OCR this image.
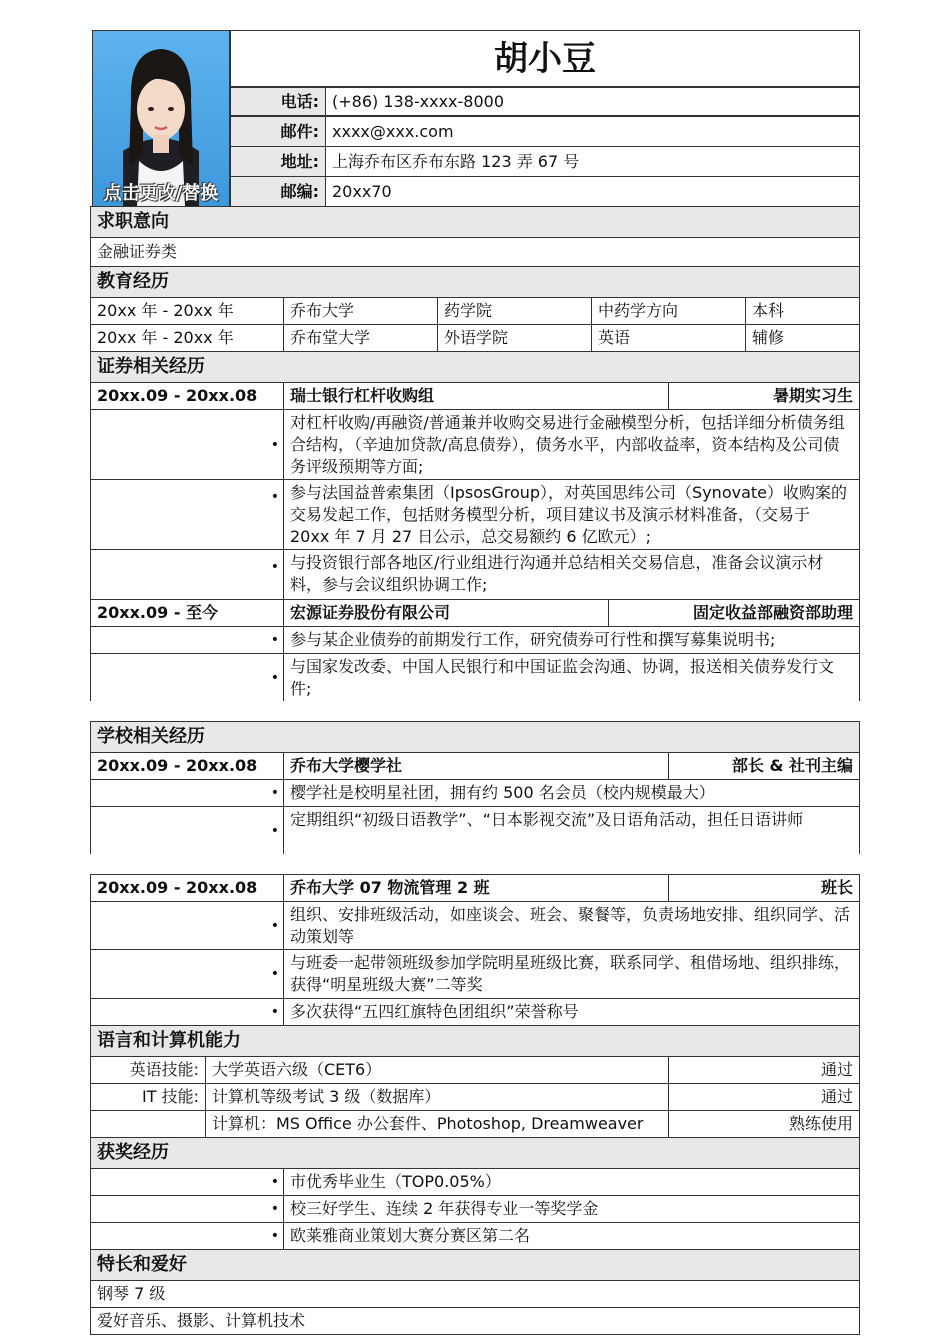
点击更改/替换
胡小豆
电话: (+86) 138-xxxx-8000
邮件: xxxx@xxx.com
地址: 上海乔布区乔布东路 123 弄 67 号
邮编: 20xx70
求职意向
金融证券类
教育经历
20xx 年 - 20xx 年	乔布大学	药学院	中药学方向	本科
20xx 年 - 20xx 年	乔布堂大学	外语学院	英语	辅修
证券相关经历
20xx.09 - 20xx.08	瑞士银行杠杆收购组	暑期实习生
•
对杠杆收购/再融资/普通兼并收购交易进行金融模型分析，包括详细分析债务组合结构，（辛迪加贷款/高息债券），债务水平，内部收益率，资本结构及公司债务评级预期等方面;
• 参与法国益普索集团（IpsosGroup），对英国思纬公司（Synovate）收购案的交易发起工作，包括财务模型分析，项目建议书及演示材料准备，（交易于 20xx 年 7 月 27 日公示，总交易额约 6 亿欧元）;
• 与投资银行部各地区/行业组进行沟通并总结相关交易信息，准备会议演示材料，参与会议组织协调工作;
20xx.09 - 至今	宏源证券股份有限公司	固定收益部融资部助理
• 参与某企业债券的前期发行工作，研究债券可行性和撰写募集说明书;
•
与国家发改委、中国人民银行和中国证监会沟通、协调，报送相关债券发行文件;
学校相关经历
20xx.09 - 20xx.08	乔布大学樱学社	部长 & 社刊主编
• 樱学社是校明星社团，拥有约 500 名会员（校内规模最大）
•
定期组织“初级日语教学”、“日本影视交流”及日语角活动，担任日语讲师
20xx.09 - 20xx.08	乔布大学 07 物流管理 2 班	班长
•
组织、安排班级活动，如座谈会、班会、聚餐等，负责场地安排、组织同学、活动策划等
•
与班委一起带领班级参加学院明星班级比赛，联系同学、租借场地、组织排练，获得“明星班级大赛”二等奖
• 多次获得“五四红旗特色团组织”荣誉称号
语言和计算机能力
英语技能: 大学英语六级（CET6）	通过
IT 技能: 计算机等级考试 3 级（数据库）	通过
计算机：MS Office 办公套件、Photoshop, Dreamweaver	熟练使用
获奖经历
• 市优秀毕业生（TOP0.05%）
• 校三好学生、连续 2 年获得专业一等奖学金
• 欧莱雅商业策划大赛分赛区第二名
特长和爱好
钢琴 7 级
爱好音乐、摄影、计算机技术
